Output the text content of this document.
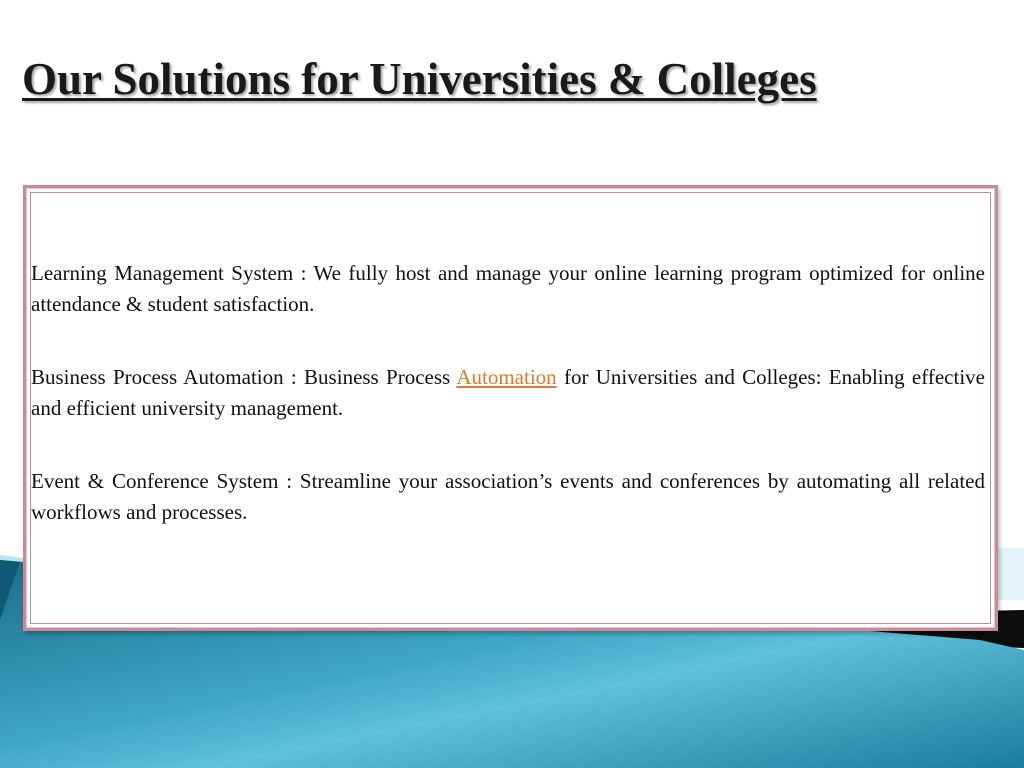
Our Solutions for Universities & Colleges

Learning Management System : We fully host and manage your online learning program optimized for online attendance & student satisfaction.

Business Process Automation : Business Process Automation for Universities and Colleges: Enabling effective and efficient university management.

Event & Conference System : Streamline your association’s events and conferences by automating all related workflows and processes.
